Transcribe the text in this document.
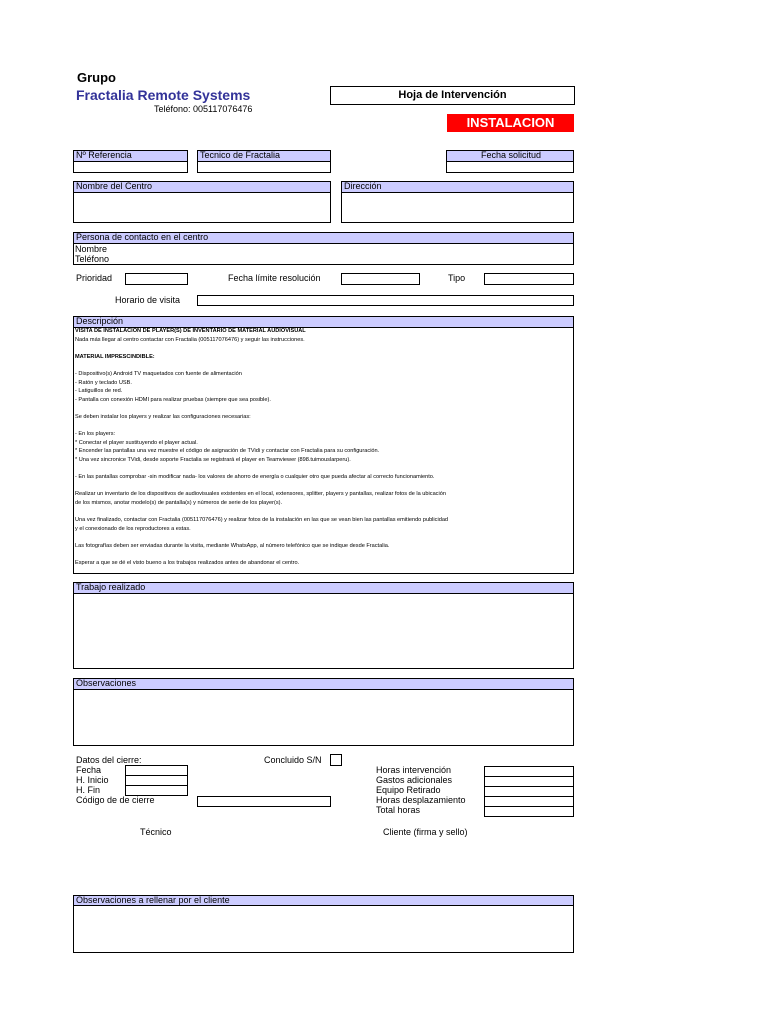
Grupo
Fractalia Remote Systems
Teléfono: 005117076476
Hoja de Intervención
INSTALACION
Nº Referencia	Tecnico de Fractalia	Fecha solicitud
Nombre del Centro	Dirección
Persona de contacto en el centro
Nombre
Teléfono
Prioridad	Fecha límite resolución	Tipo
Horario de visita
Descripción
VISITA DE INSTALACIÓN DE PLAYER(S) DE INVENTARIO DE MATERIAL AUDIOVISUAL
Nada más llegar al centro contactar con Fractalia (005117076476) y seguir las instrucciones.
MATERIAL IMPRESCINDIBLE:
- Dispositivo(s) Android TV maquetados con fuente de alimentación
- Ratón y teclado USB.
- Latiguillos de red.
- Pantalla con conexión HDMI para realizar pruebas (siempre que sea posible).
Se deben instalar los players y realizar las configuraciones necesarias:
- En los players:
* Conectar el player sustituyendo el player actual.
* Encender las pantallas una vez muestre el código de asignación de TVidi y contactar con Fractalia para su configuración.
* Una vez sincronice TVidi, desde soporte Fractalia se registrará el player en Teamviewer (898.tuimouslarperu).
- En las pantallas comprobar -sin modificar nada- los valores de ahorro de energía o cualquier otro que pueda afectar al correcto funcionamiento.
Realizar un inventario de los dispositivos de audiovisuales existentes en el local, extensores, splitter, players y pantallas, realizar fotos de la ubicación
de los mismos, anotar modelo(s) de pantalla(s) y números de serie de los player(s).
Una vez finalizado, contactar con Fractalia (005117076476) y realizar fotos de la instalación en las que se vean bien las pantallas emitiendo publicidad
y el conexionado de los reproductores a estas.
Las fotografías deben ser enviadas durante la visita, mediante WhatsApp, al número telefónico que se indique desde Fractalia.
Esperar a que se dé el visto bueno a los trabajos realizados antes de abandonar el centro.
Trabajo realizado
Observaciones
Datos del cierre:
Fecha
H. Inicio
H. Fin
Código de de cierre
Concluido S/N
Horas intervención
Gastos adicionales
Equipo Retirado
Horas desplazamiento
Total horas
Técnico	Cliente (firma y sello)
Observaciones a rellenar por el cliente
